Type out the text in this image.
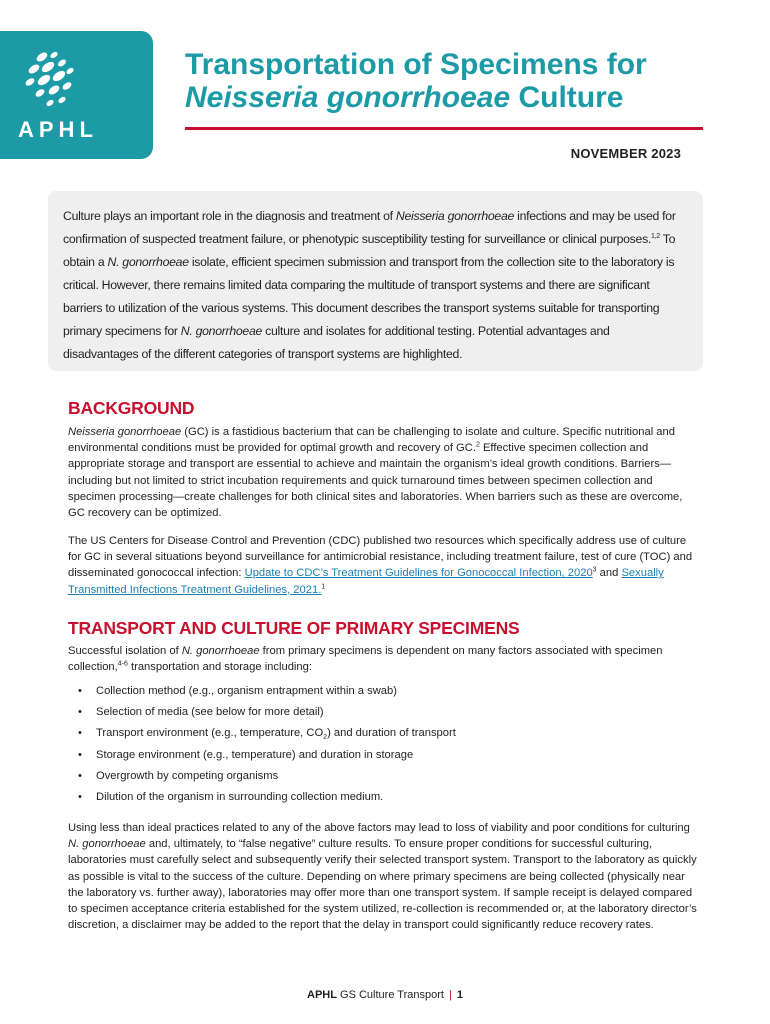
APHL
Transportation of Specimens for
Neisseria gonorrhoeae Culture
NOVEMBER 2023

Culture plays an important role in the diagnosis and treatment of Neisseria gonorrhoeae infections and may be used for confirmation of suspected treatment failure, or phenotypic susceptibility testing for surveillance or clinical purposes.$^{1,2}$ To obtain a N. gonorrhoeae isolate, efficient specimen submission and transport from the collection site to the laboratory is critical. However, there remains limited data comparing the multitude of transport systems and there are significant barriers to utilization of the various systems. This document describes the transport systems suitable for transporting primary specimens for N. gonorrhoeae culture and isolates for additional testing. Potential advantages and disadvantages of the different categories of transport systems are highlighted.

BACKGROUND

Neisseria gonorrhoeae (GC) is a fastidious bacterium that can be challenging to isolate and culture. Specific nutritional and environmental conditions must be provided for optimal growth and recovery of GC.$^2$ Effective specimen collection and appropriate storage and transport are essential to achieve and maintain the organism’s ideal growth conditions. Barriers—including but not limited to strict incubation requirements and quick turnaround times between specimen collection and specimen processing—create challenges for both clinical sites and laboratories. When barriers such as these are overcome, GC recovery can be optimized.

The US Centers for Disease Control and Prevention (CDC) published two resources which specifically address use of culture for GC in several situations beyond surveillance for antimicrobial resistance, including treatment failure, test of cure (TOC) and disseminated gonococcal infection: Update to CDC’s Treatment Guidelines for Gonococcal Infection, 2020$^3$ and Sexually Transmitted Infections Treatment Guidelines, 2021.$^1$

TRANSPORT AND CULTURE OF PRIMARY SPECIMENS

Successful isolation of N. gonorrhoeae from primary specimens is dependent on many factors associated with specimen collection,$^{4-6}$ transportation and storage including:

• Collection method (e.g., organism entrapment within a swab)
• Selection of media (see below for more detail)
• Transport environment (e.g., temperature, $CO_2$) and duration of transport
• Storage environment (e.g., temperature) and duration in storage
• Overgrowth by competing organisms
• Dilution of the organism in surrounding collection medium.

Using less than ideal practices related to any of the above factors may lead to loss of viability and poor conditions for culturing N. gonorrhoeae and, ultimately, to “false negative” culture results. To ensure proper conditions for successful culturing, laboratories must carefully select and subsequently verify their selected transport system. Transport to the laboratory as quickly as possible is vital to the success of the culture. Depending on where primary specimens are being collected (physically near the laboratory vs. further away), laboratories may offer more than one transport system. If sample receipt is delayed compared to specimen acceptance criteria established for the system utilized, re-collection is recommended or, at the laboratory director’s discretion, a disclaimer may be added to the report that the delay in transport could significantly reduce recovery rates.

APHL GS Culture Transport | 1
